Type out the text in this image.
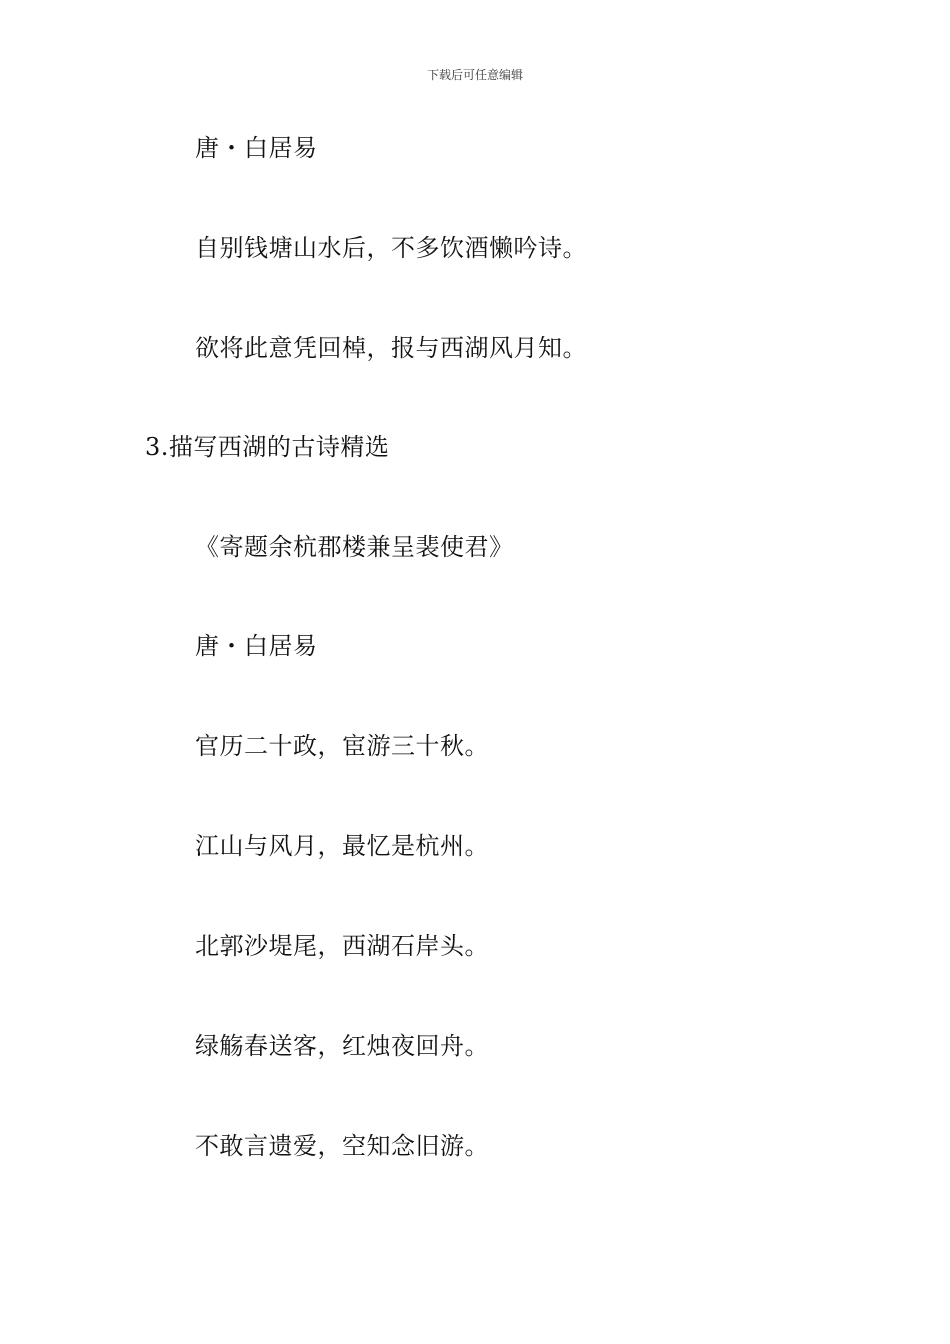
下载后可任意编辑
唐・白居易
自别钱塘山水后，不多饮酒懒吟诗。
欲将此意凭回棹，报与西湖风月知。
3.描写西湖的古诗精选
《寄题余杭郡楼兼呈裴使君》
唐・白居易
官历二十政，宦游三十秋。
江山与风月，最忆是杭州。
北郭沙堤尾，西湖石岸头。
绿觞春送客，红烛夜回舟。
不敢言遗爱，空知念旧游。
